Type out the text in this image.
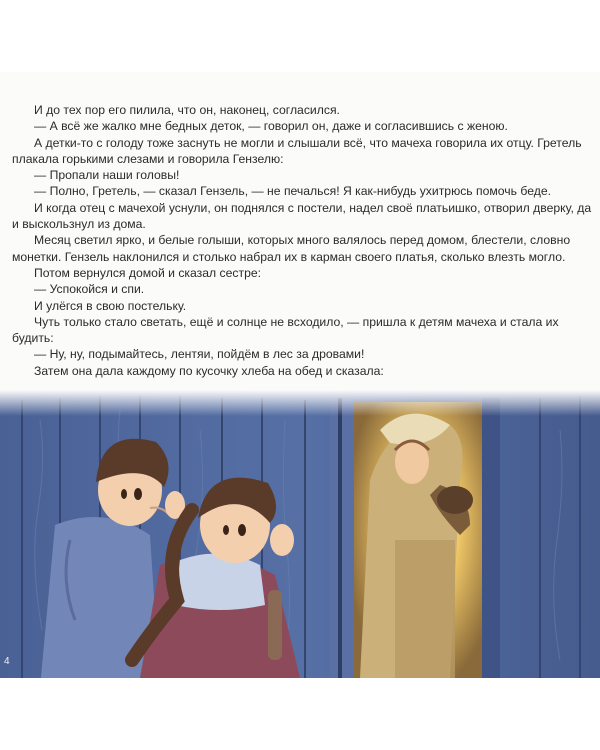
И до тех пор его пилила, что он, наконец, согласился.

— А всё же жалко мне бедных деток, — говорил он, даже и согласившись с женою.

А детки-то с голоду тоже заснуть не могли и слышали всё, что мачеха говорила их отцу. Гретель плакала горькими слезами и говорила Гензелю:

— Пропали наши головы!

— Полно, Гретель, — сказал Гензель, — не печалься! Я как-нибудь ухитрюсь помочь беде.

И когда отец с мачехой уснули, он поднялся с постели, надел своё платьишко, отворил дверку, да и выскользнул из дома.

Месяц светил ярко, и белые голыши, которых много валялось перед домом, блестели, словно монетки. Гензель наклонился и столько набрал их в карман своего платья, сколько влезть могло.

Потом вернулся домой и сказал сестре:

— Успокойся и спи.

И улёгся в свою постельку.

Чуть только стало светать, ещё и солнце не всходило, — пришла к детям мачеха и стала их будить:

— Ну, ну, подымайтесь, лентяи, пойдём в лес за дровами!

Затем она дала каждому по кусочку хлеба на обед и сказала:

4
